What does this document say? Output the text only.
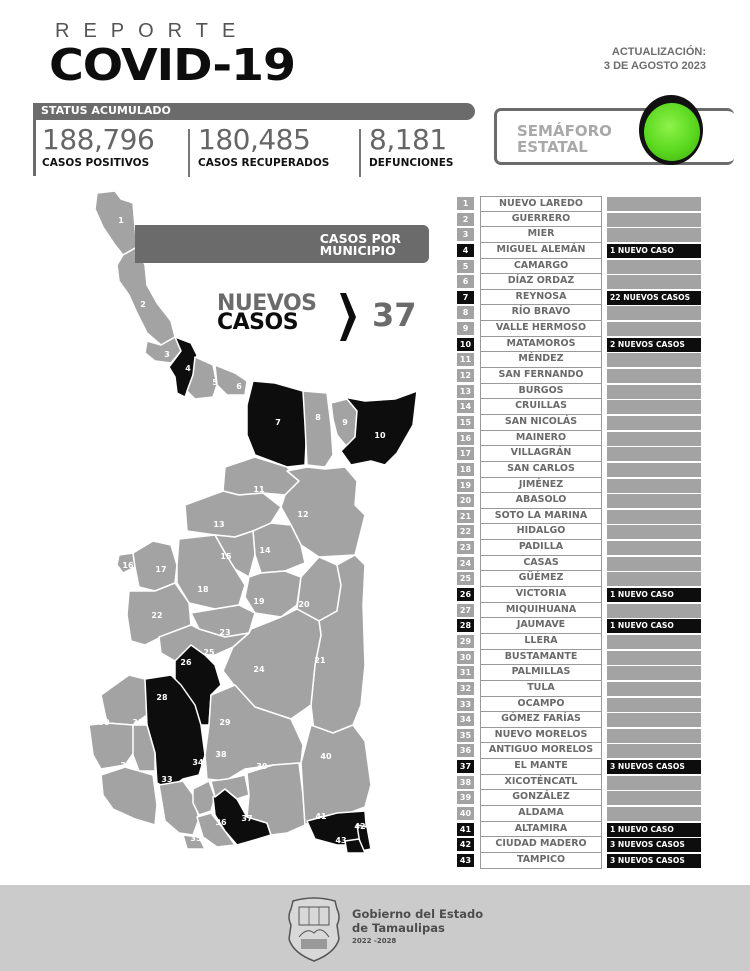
REPORTE
COVID-19	ACTUALIZACIÓN:
3 DE AGOSTO 2023
STATUS ACUMULADO
188,796
CASOS POSITIVOS
180,485
CASOS RECUPERADOS
8,181
DEFUNCIONES
SEMÁFORO
ESTATAL
1
2
3
4
5 6
7
8
9
10
11
12
13
14
15
16	17
18
19	20
21
22
23
24
25
26
27
28
29
30	31
32
33
34
35
36 37
38
39
40
41
42
43
CASOS POR
MUNICIPIO
NUEVOS
CASOS	37
1	NUEVO LAREDO
2	GUERRERO
3	MIER
4	MIGUEL ALEMÁN	1 NUEVO CASO
5	CAMARGO
6	DÍAZ ORDAZ
7	REYNOSA	22 NUEVOS CASOS
8	RÍO BRAVO
9	VALLE HERMOSO
10	MATAMOROS	2 NUEVOS CASOS
11	MÉNDEZ
12	SAN FERNANDO
13	BURGOS
14	CRUILLAS
15	SAN NICOLÁS
16	MAINERO
17	VILLAGRÁN
18	SAN CARLOS
19	JIMÉNEZ
20	ABASOLO
21	SOTO LA MARINA
22	HIDALGO
23	PADILLA
24	CASAS
25	GÜÉMEZ
26	VICTORIA	1 NUEVO CASO
27	MIQUIHUANA
28	JAUMAVE	1 NUEVO CASO
29	LLERA
30	BUSTAMANTE
31	PALMILLAS
32	TULA
33	OCAMPO
34	GÓMEZ FARÍAS
35	NUEVO MORELOS
36	ANTIGUO MORELOS
37	EL MANTE	3 NUEVOS CASOS
38	XICOTÉNCATL
39	GONZÁLEZ
40	ALDAMA
41	ALTAMIRA	1 NUEVO CASO
42	CIUDAD MADERO	3 NUEVOS CASOS
43	TAMPICO	3 NUEVOS CASOS
Gobierno del Estado
de Tamaulipas
2022 -2028
